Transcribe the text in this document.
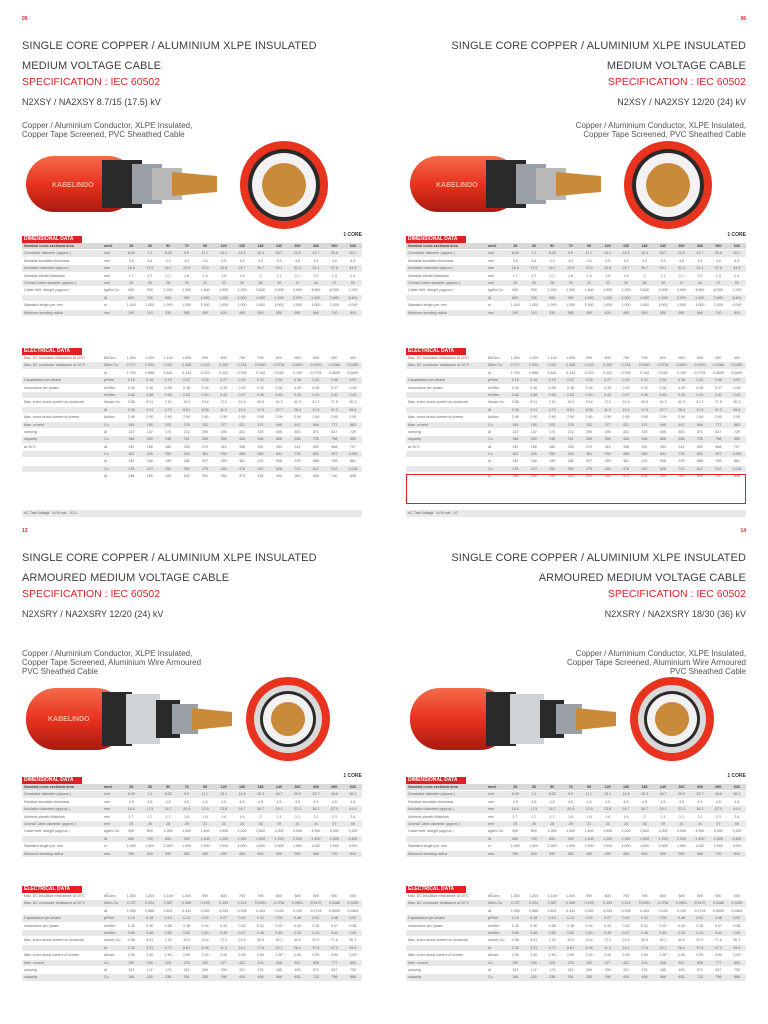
05
SINGLE CORE COPPER / ALUMINIUM XLPE INSULATED
MEDIUM VOLTAGE CABLE
SPECIFICATION : IEC 60502
N2XSY / NA2XSY 8.7/15 (17.5) kV
Copper / Aluminium Conductor, XLPE Insulated,
Copper Tape Screened, PVC Sheathed Cable
KABELINDO
1 CORE
DIMENSIONAL DATA
Nominal cross sectional area	mm2	25	35	50	70	95	120	150	185	240	300	400	500	630
Conductor diameter (approx.)	mm	6.00	7.1	8.25	9.9	11.7	13.1	14.5	16.3	18.7	20.9	23.7	26.6	30.2
Nominal insulation thickness	mm	4.5	4.5	4.5	4.5	4.5	4.5	4.5	4.5	4.5	4.5	4.5	4.5	4.5
Insulation diameter (approx.)	mm	16.6	17.5	18.7	20.5	22.5	23.8	24.7	26.7	29.1	31.3	34.1	37.0	41.9
Nominal sheath thickness	mm	1.7	1.7	1.7	1.8	1.8	1.9	1.9	2	2.1	2.1	2.2	2.3	2.4
Overall Cable diameter (approx.)	mm	25	26	28	29	31	33	34	36	39	41	44	47	50
Cable Nett. Weight (approx.)	kg/km Cu	900	900	1,000	1,300	1,600	1,900	2,200	2,600	3,200	3,900	4,900	6,000	7,200
Al	600	700	800	900	1,000	1,200	1,300	1,500	1,700	2,000	2,400	2,800	3,400
Standard length per reel	m	1,000	1,000	1,000	1,000	1,000	1,000	1,000	1,000	1,000	1,000	1,000	1,000	1,000
Minimum bending radius	mm	290	310	330	360	400	420	460	500	530	590	660	710	810
ELECTRICAL DATA
Max. DC Insulation resistance at 20°C	MΩ.km	1,500	1,200	1,100	1,000	900	800	700	700	600	600	500	500	400
Max. DC conductor resistance at 20°C	Ω/km Cu	0.727	0.524	0.387	0.268	0.193	0.153	0.124	0.0991	0.0754	0.0601	0.0470	0.0366	0.0283
Al	1.200	0.868	0.641	0.443	0.320	0.253	0.206	0.164	0.125	0.100	0.0778	0.0605	0.0469
Capacitance per phase	µF/km	0.16	0.18	0.19	0.22	0.25	0.27	0.29	0.31	0.34	0.38	0.42	0.46	0.51
Inductance per phase	mH/km	0.42	0.40	0.38	0.36	0.34	0.33	0.32	0.31	0.30	0.29	0.28	0.27	0.26
mH/km	0.60	0.58	0.56	0.53	0.50	0.49	0.47	0.46	0.45	0.43	0.42	0.41	0.40
Max. short circuit current of conductor	kA/sec Cu	3.58	5.01	7.15	10.0	13.6	17.2	21.5	26.5	34.3	42.9	57.2	71.5	90.1
Al	2.36	3.31	4.73	6.61	8.98	11.3	14.2	17.5	22.7	28.4	37.8	47.3	59.6
Max. short circuit current of screen	kA/sec	2.90	2.90	2.90	2.90	2.90	2.90	2.90	2.90	2.90	2.90	2.90	2.90	2.90
Max. current	Cu	159	190	225	276	332	377	421	474	546	612	696	777	863
carrying	Al	123	147	174	214	259	295	331	375	435	493	571	647	729
capacity	Cu	168	200	238	291	350	396	440	496	568	635	720	798	880
at 30°C	Al	130	155	184	226	272	310	346	391	454	514	592	668	747
Cu	181	216	256	315	381	434	486	552	641	725	831	937	1,050
Al	140	168	199	245	297	339	381	433	506	576	666	759	861
Cu	178	213	252	309	375	426	478	542	628	710	812	912	1,018
Al	138	165	195	240	291	333	373	424	495	563	650	740	838
AC Test Voltage kV/5 min 30.5
06
SINGLE CORE COPPER / ALUMINIUM XLPE INSULATED
MEDIUM VOLTAGE CABLE
SPECIFICATION : IEC 60502
N2XSY / NA2XSY 12/20 (24) kV
Copper / Aluminium Conductor, XLPE Insulated,
Copper Tape Screened, PVC Sheathed Cable
KABELINDO
1 CORE
DIMENSIONAL DATA
Nominal cross sectional area	mm2	25	35	50	70	95	120	150	185	240	300	400	500	630
Conductor diameter (approx.)	mm	6.00	7.1	8.25	9.9	11.7	13.1	14.5	16.3	18.7	20.9	23.7	26.6	30.2
Nominal insulation thickness	mm	4.5	4.5	4.5	4.5	4.5	4.5	4.5	4.5	4.5	4.5	4.5	4.5	4.5
Insulation diameter (approx.)	mm	16.6	17.5	18.7	20.5	22.5	23.8	24.7	26.7	29.1	31.3	34.1	37.0	41.9
Nominal sheath thickness	mm	1.7	1.7	1.7	1.8	1.8	1.9	1.9	2	2.1	2.1	2.2	2.3	2.4
Overall Cable diameter (approx.)	mm	25	26	28	29	31	33	34	36	39	41	44	47	50
Cable Nett. Weight (approx.)	kg/km Cu	900	900	1,000	1,300	1,600	1,900	2,200	2,600	3,200	3,900	4,900	6,000	7,200
Al	600	700	800	900	1,000	1,200	1,300	1,500	1,700	2,000	2,400	2,800	3,400
Standard length per reel	m	1,000	1,000	1,000	1,000	1,000	1,000	1,000	1,000	1,000	1,000	1,000	1,000	1,000
Minimum bending radius	mm	290	310	330	360	400	420	460	500	530	590	660	710	810
ELECTRICAL DATA
Max. DC Insulation resistance at 20°C	MΩ.km	1,500	1,200	1,100	1,000	900	800	700	700	600	600	500	500	400
Max. DC conductor resistance at 20°C	Ω/km Cu	0.727	0.524	0.387	0.268	0.193	0.153	0.124	0.0991	0.0754	0.0601	0.0470	0.0366	0.0283
Al	1.200	0.868	0.641	0.443	0.320	0.253	0.206	0.164	0.125	0.100	0.0778	0.0605	0.0469
Capacitance per phase	µF/km	0.16	0.18	0.19	0.22	0.25	0.27	0.29	0.31	0.34	0.38	0.42	0.46	0.51
Inductance per phase	mH/km	0.42	0.40	0.38	0.36	0.34	0.33	0.32	0.31	0.30	0.29	0.28	0.27	0.26
mH/km	0.60	0.58	0.56	0.53	0.50	0.49	0.47	0.46	0.45	0.43	0.42	0.41	0.40
Max. short circuit current of conductor	kA/sec Cu	3.58	5.01	7.15	10.0	13.6	17.2	21.5	26.5	34.3	42.9	57.2	71.5	90.1
Al	2.36	3.31	4.73	6.61	8.98	11.3	14.2	17.5	22.7	28.4	37.8	47.3	59.6
Max. short circuit current of screen	kA/sec	2.90	2.90	2.90	2.90	2.90	2.90	2.90	2.90	2.90	2.90	2.90	2.90	2.90
Max. current	Cu	159	190	225	276	332	377	421	474	546	612	696	777	863
carrying	Al	123	147	174	214	259	295	331	375	435	493	571	647	729
capacity	Cu	168	200	238	291	350	396	440	496	568	635	720	798	880
at 30°C	Al	130	155	184	226	272	310	346	391	454	514	592	668	747
Cu	181	216	256	315	381	434	486	552	641	725	831	937	1,050
Al	140	168	199	245	297	339	381	433	506	576	666	759	861
Cu	178	213	252	309	375	426	478	542	628	710	812	912	1,018
Al	138	165	195	240	291	333	373	424	495	563	650	740	838
AC Test Voltage kV/5 min 42
13
SINGLE CORE COPPER / ALUMINIUM XLPE INSULATED
ARMOURED MEDIUM VOLTAGE CABLE
SPECIFICATION : IEC 60502
N2XSRY / NA2XSRY 12/20 (24) kV
Copper / Aluminium Conductor, XLPE Insulated,
Copper Tape Screened, Aluminium Wire Armoured
PVC Sheathed Cable
KABELINDO
1 CORE
DIMENSIONAL DATA
Nominal cross sectional area	mm2	25	35	50	70	95	120	150	185	240	300	400	500	630
Conductor diameter (approx.)	mm	6.00	7.1	8.25	9.9	11.7	13.1	14.5	16.3	18.7	20.9	23.7	26.6	30.2
Nominal insulation thickness	mm	4.5	4.5	4.5	4.5	4.5	4.5	4.5	4.5	4.5	4.5	4.5	4.5	4.5
Insulation diameter (approx.)	mm	16.6	17.5	18.7	20.5	22.5	23.8	24.7	26.7	29.1	31.3	34.1	37.0	41.9
Nominal sheath thickness	mm	1.7	1.7	1.7	1.8	1.8	1.9	1.9	2	2.1	2.1	2.2	2.3	2.4
Overall Cable diameter (approx.)	mm	25	26	28	29	31	33	34	36	39	41	44	47	50
Cable Nett. Weight (approx.)	kg/km Cu	900	900	1,000	1,300	1,600	1,900	2,200	2,600	3,200	3,900	4,900	6,000	7,200
Al	600	700	800	900	1,000	1,200	1,300	1,500	1,700	2,000	2,400	2,800	3,400
Standard length per reel	m	1,000	1,000	1,000	1,000	1,000	1,000	1,000	1,000	1,000	1,000	1,000	1,000	1,000
Minimum bending radius	mm	290	310	330	360	400	420	460	500	530	590	660	710	810
ELECTRICAL DATA
Max. DC Insulation resistance at 20°C	MΩ.km	1,500	1,200	1,100	1,000	900	800	700	700	600	600	500	500	400
Max. DC conductor resistance at 20°C	Ω/km Cu	0.727	0.524	0.387	0.268	0.193	0.153	0.124	0.0991	0.0754	0.0601	0.0470	0.0366	0.0283
Al	1.200	0.868	0.641	0.443	0.320	0.253	0.206	0.164	0.125	0.100	0.0778	0.0605	0.0469
Capacitance per phase	µF/km	0.16	0.18	0.19	0.22	0.25	0.27	0.29	0.31	0.34	0.38	0.42	0.46	0.51
Inductance per phase	mH/km	0.42	0.40	0.38	0.36	0.34	0.33	0.32	0.31	0.30	0.29	0.28	0.27	0.26
mH/km	0.60	0.58	0.56	0.53	0.50	0.49	0.47	0.46	0.45	0.43	0.42	0.41	0.40
Max. short circuit current of conductor	kA/sec Cu	3.58	5.01	7.15	10.0	13.6	17.2	21.5	26.5	34.3	42.9	57.2	71.5	90.1
Al	2.36	3.31	4.73	6.61	8.98	11.3	14.2	17.5	22.7	28.4	37.8	47.3	59.6
Max. short circuit current of screen	kA/sec	2.90	2.90	2.90	2.90	2.90	2.90	2.90	2.90	2.90	2.90	2.90	2.90	2.90
Max. current	Cu	159	190	225	276	332	377	421	474	546	612	696	777	863
carrying	Al	123	147	174	214	259	295	331	375	435	493	571	647	729
capacity	Cu	168	200	238	291	350	396	440	496	568	635	720	798	880
14
SINGLE CORE COPPER / ALUMINIUM XLPE INSULATED
ARMOURED MEDIUM VOLTAGE CABLE
SPECIFICATION : IEC 60502
N2XSRY / NA2XSRY 18/30 (36) kV
Copper / Aluminium Conductor, XLPE Insulated,
Copper Tape Screened, Aluminium Wire Armoured
PVC Sheathed Cable
1 CORE
DIMENSIONAL DATA
Nominal cross sectional area	mm2	25	35	50	70	95	120	150	185	240	300	400	500	630
Conductor diameter (approx.)	mm	6.00	7.1	8.25	9.9	11.7	13.1	14.5	16.3	18.7	20.9	23.7	26.6	30.2
Nominal insulation thickness	mm	4.5	4.5	4.5	4.5	4.5	4.5	4.5	4.5	4.5	4.5	4.5	4.5	4.5
Insulation diameter (approx.)	mm	16.6	17.5	18.7	20.5	22.5	23.8	24.7	26.7	29.1	31.3	34.1	37.0	41.9
Nominal sheath thickness	mm	1.7	1.7	1.7	1.8	1.8	1.9	1.9	2	2.1	2.1	2.2	2.3	2.4
Overall Cable diameter (approx.)	mm	25	26	28	29	31	33	34	36	39	41	44	47	50
Cable Nett. Weight (approx.)	kg/km Cu	900	900	1,000	1,300	1,600	1,900	2,200	2,600	3,200	3,900	4,900	6,000	7,200
Al	600	700	800	900	1,000	1,200	1,300	1,500	1,700	2,000	2,400	2,800	3,400
Standard length per reel	m	1,000	1,000	1,000	1,000	1,000	1,000	1,000	1,000	1,000	1,000	1,000	1,000	1,000
Minimum bending radius	mm	290	310	330	360	400	420	460	500	530	590	660	710	810
ELECTRICAL DATA
Max. DC Insulation resistance at 20°C	MΩ.km	1,500	1,200	1,100	1,000	900	800	700	700	600	600	500	500	400
Max. DC conductor resistance at 20°C	Ω/km Cu	0.727	0.524	0.387	0.268	0.193	0.153	0.124	0.0991	0.0754	0.0601	0.0470	0.0366	0.0283
Al	1.200	0.868	0.641	0.443	0.320	0.253	0.206	0.164	0.125	0.100	0.0778	0.0605	0.0469
Capacitance per phase	µF/km	0.16	0.18	0.19	0.22	0.25	0.27	0.29	0.31	0.34	0.38	0.42	0.46	0.51
Inductance per phase	mH/km	0.42	0.40	0.38	0.36	0.34	0.33	0.32	0.31	0.30	0.29	0.28	0.27	0.26
mH/km	0.60	0.58	0.56	0.53	0.50	0.49	0.47	0.46	0.45	0.43	0.42	0.41	0.40
Max. short circuit current of conductor	kA/sec Cu	3.58	5.01	7.15	10.0	13.6	17.2	21.5	26.5	34.3	42.9	57.2	71.5	90.1
Al	2.36	3.31	4.73	6.61	8.98	11.3	14.2	17.5	22.7	28.4	37.8	47.3	59.6
Max. short circuit current of screen	kA/sec	2.90	2.90	2.90	2.90	2.90	2.90	2.90	2.90	2.90	2.90	2.90	2.90	2.90
Max. current	Cu	159	190	225	276	332	377	421	474	546	612	696	777	863
carrying	Al	123	147	174	214	259	295	331	375	435	493	571	647	729
capacity	Cu	168	200	238	291	350	396	440	496	568	635	720	798	880
